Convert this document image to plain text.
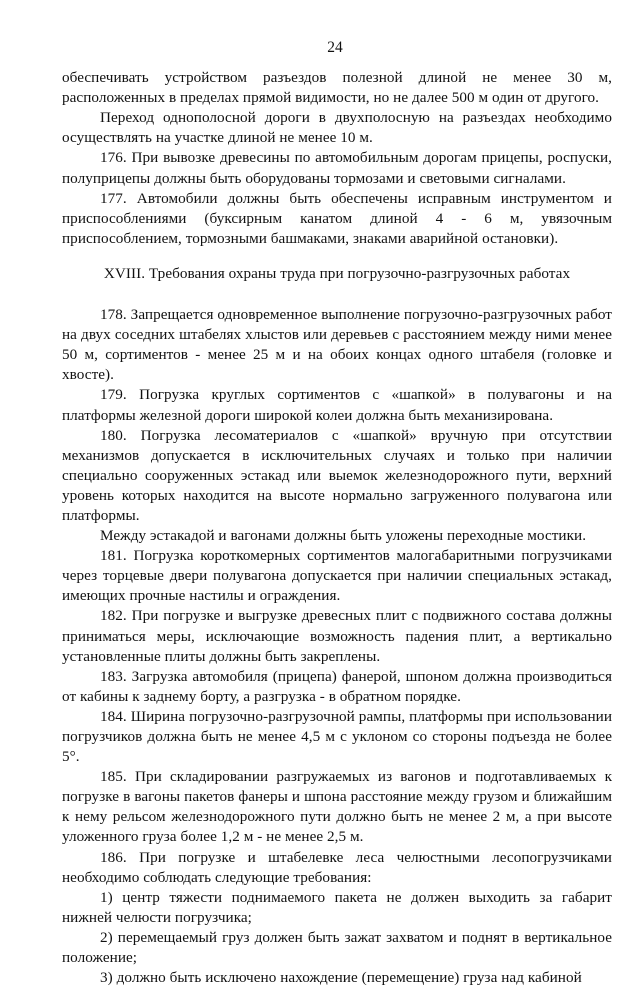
24

обеспечивать устройством разъездов полезной длиной не менее 30 м, расположенных в пределах прямой видимости, но не далее 500 м один от другого.

Переход однополосной дороги в двухполосную на разъездах необходимо осуществлять на участке длиной не менее 10 м.

176. При вывозке древесины по автомобильным дорогам прицепы, роспуски, полуприцепы должны быть оборудованы тормозами и световыми сигналами.

177. Автомобили должны быть обеспечены исправным инструментом и приспособлениями (буксирным канатом длиной 4 - 6 м, увязочным приспособлением, тормозными башмаками, знаками аварийной остановки).

XVIII. Требования охраны труда при погрузочно-разгрузочных работах

178. Запрещается одновременное выполнение погрузочно-разгрузочных работ на двух соседних штабелях хлыстов или деревьев с расстоянием между ними менее 50 м, сортиментов - менее 25 м и на обоих концах одного штабеля (головке и хвосте).

179. Погрузка круглых сортиментов с «шапкой» в полувагоны и на платформы железной дороги широкой колеи должна быть механизирована.

180. Погрузка лесоматериалов с «шапкой» вручную при отсутствии механизмов допускается в исключительных случаях и только при наличии специально сооруженных эстакад или выемок железнодорожного пути, верхний уровень которых находится на высоте нормально загруженного полувагона или платформы.

Между эстакадой и вагонами должны быть уложены переходные мостики.

181. Погрузка короткомерных сортиментов малогабаритными погрузчиками через торцевые двери полувагона допускается при наличии специальных эстакад, имеющих прочные настилы и ограждения.

182. При погрузке и выгрузке древесных плит с подвижного состава должны приниматься меры, исключающие возможность падения плит, а вертикально установленные плиты должны быть закреплены.

183. Загрузка автомобиля (прицепа) фанерой, шпоном должна производиться от кабины к заднему борту, а разгрузка - в обратном порядке.

184. Ширина погрузочно-разгрузочной рампы, платформы при использовании погрузчиков должна быть не менее 4,5 м с уклоном со стороны подъезда не более 5°.

185. При складировании разгружаемых из вагонов и подготавливаемых к погрузке в вагоны пакетов фанеры и шпона расстояние между грузом и ближайшим к нему рельсом железнодорожного пути должно быть не менее 2 м, а при высоте уложенного груза более 1,2 м - не менее 2,5 м.

186. При погрузке и штабелевке леса челюстными лесопогрузчиками необходимо соблюдать следующие требования:

1) центр тяжести поднимаемого пакета не должен выходить за габарит нижней челюсти погрузчика;

2) перемещаемый груз должен быть зажат захватом и поднят в вертикальное положение;

3) должно быть исключено нахождение (перемещение) груза над кабиной
